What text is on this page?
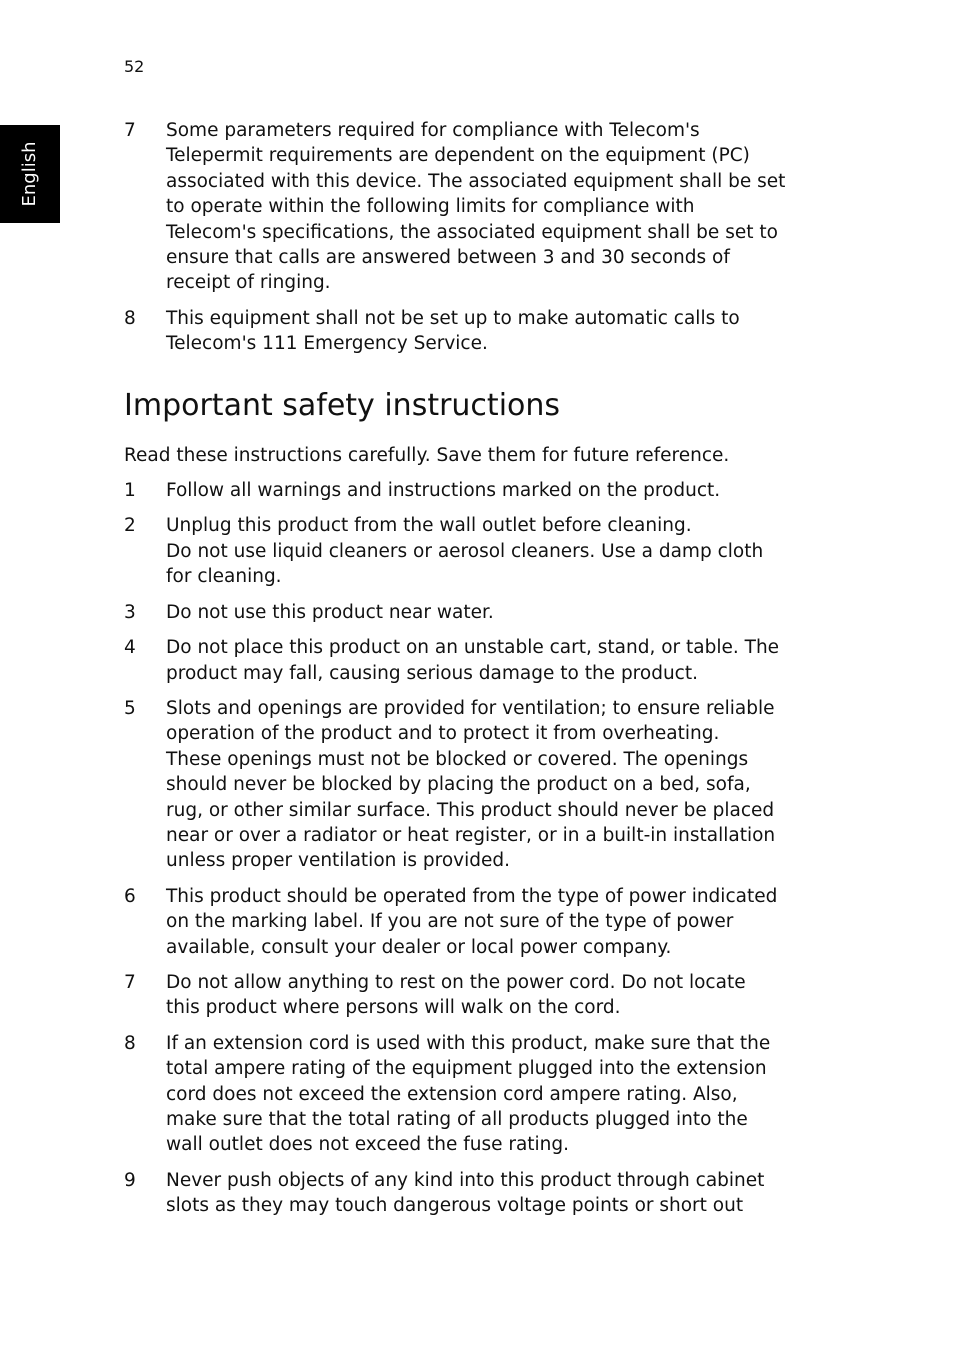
52
English
7	Some parameters required for compliance with Telecom's
Telepermit requirements are dependent on the equipment (PC)
associated with this device. The associated equipment shall be set
to operate within the following limits for compliance with
Telecom's specifications, the associated equipment shall be set to
ensure that calls are answered between 3 and 30 seconds of
receipt of ringing.
8	This equipment shall not be set up to make automatic calls to
Telecom's 111 Emergency Service.
Important safety instructions

Read these instructions carefully. Save them for future reference.

1	Follow all warnings and instructions marked on the product.
2	Unplug this product from the wall outlet before cleaning.
Do not use liquid cleaners or aerosol cleaners. Use a damp cloth
for cleaning.
3	Do not use this product near water.
4	Do not place this product on an unstable cart, stand, or table. The
product may fall, causing serious damage to the product.
5	Slots and openings are provided for ventilation; to ensure reliable
operation of the product and to protect it from overheating.
These openings must not be blocked or covered. The openings
should never be blocked by placing the product on a bed, sofa,
rug, or other similar surface. This product should never be placed
near or over a radiator or heat register, or in a built-in installation
unless proper ventilation is provided.
6	This product should be operated from the type of power indicated
on the marking label. If you are not sure of the type of power
available, consult your dealer or local power company.
7	Do not allow anything to rest on the power cord. Do not locate
this product where persons will walk on the cord.
8	If an extension cord is used with this product, make sure that the
total ampere rating of the equipment plugged into the extension
cord does not exceed the extension cord ampere rating. Also,
make sure that the total rating of all products plugged into the
wall outlet does not exceed the fuse rating.
9	Never push objects of any kind into this product through cabinet
slots as they may touch dangerous voltage points or short out
